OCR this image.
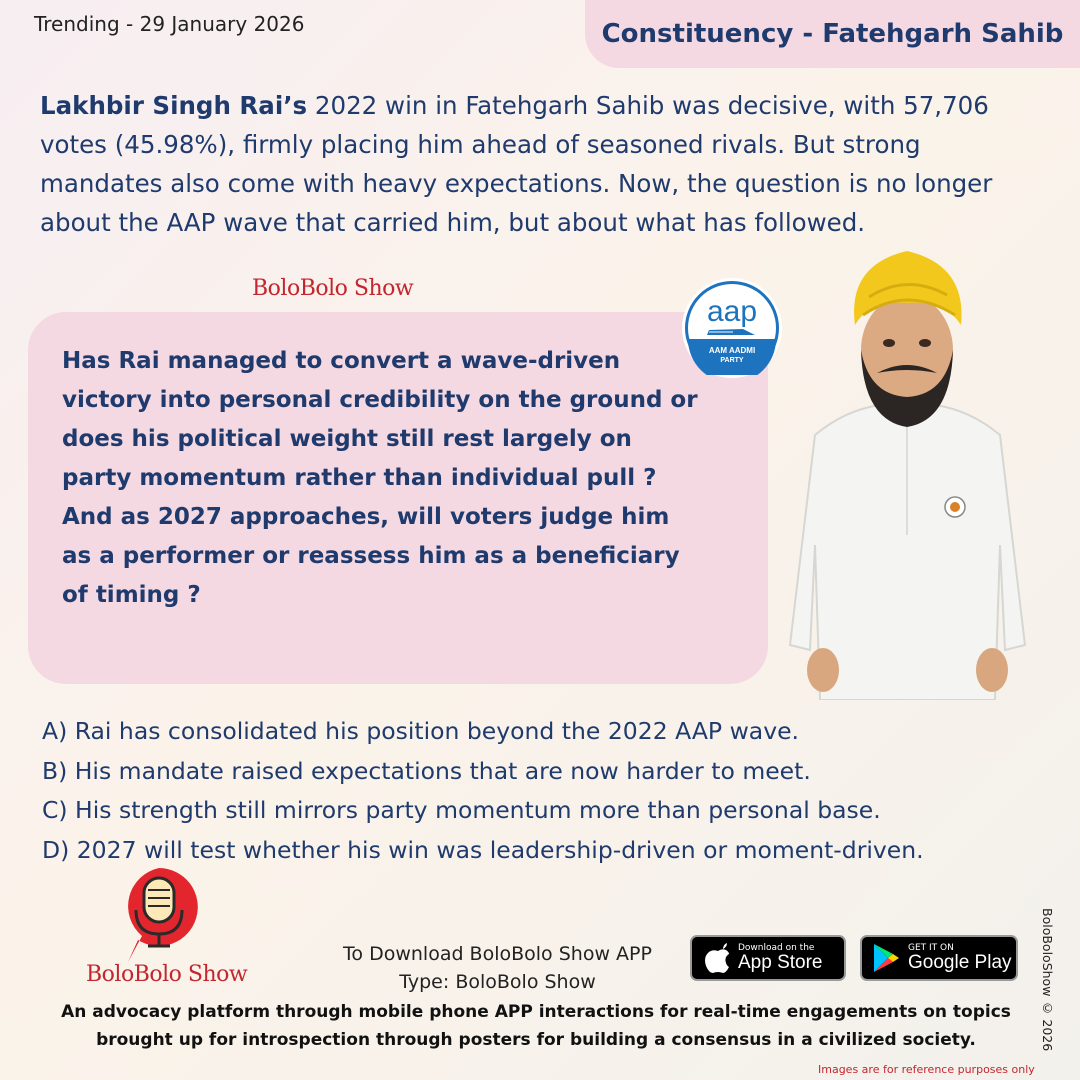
Trending - 29 January 2026	Constituency - Fatehgarh Sahib
Lakhbir Singh Rai’s 2022 win in Fatehgarh Sahib was decisive, with 57,706 votes (45.98%), firmly placing him ahead of seasoned rivals. But strong mandates also come with heavy expectations. Now, the question is no longer about the AAP wave that carried him, but about what has followed.
BoloBolo Show
Has Rai managed to convert a wave-driven victory into personal credibility on the ground or does his political weight still rest largely on party momentum rather than individual pull ?
And as 2027 approaches, will voters judge him as a performer or reassess him as a beneficiary of timing ?
aap
AAM AADMI
PARTY
A) Rai has consolidated his position beyond the 2022 AAP wave.
B) His mandate raised expectations that are now harder to meet.
C) His strength still mirrors party momentum more than personal base.
D) 2027 will test whether his win was leadership-driven or moment-driven.
BoloBolo Show
To Download BoloBolo Show APP
Type: BoloBolo Show
Download on the
App Store
GET IT ON
Google Play
An advocacy platform through mobile phone APP interactions for real-time engagements on topics brought up for introspection through posters for building a consensus in a civilized society.	BoloBoloShow © 2026
Images are for reference purposes only
